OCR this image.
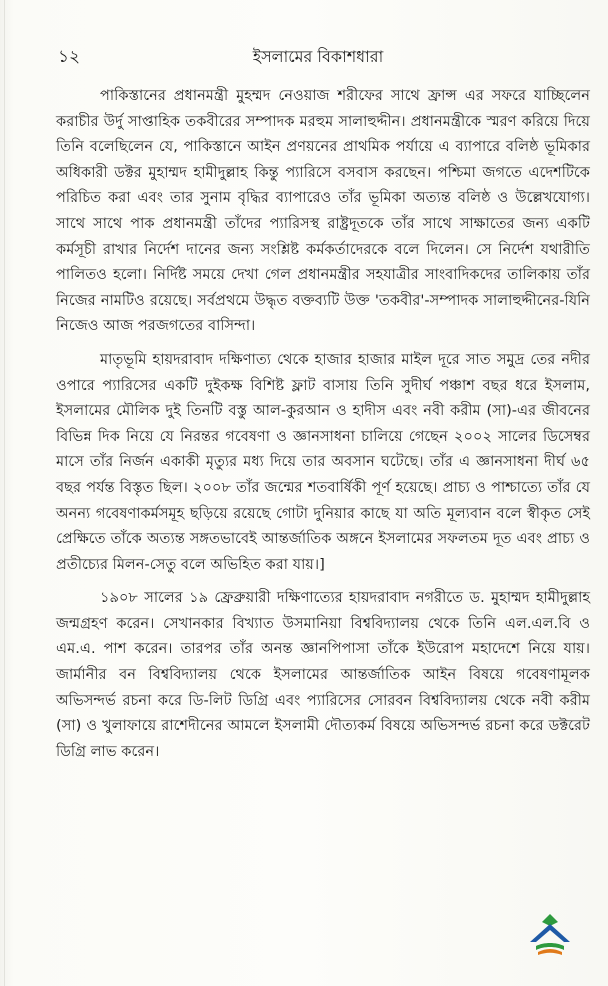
১২	ইসলামের বিকাশধারা

পাকিস্তানের প্রধানমন্ত্রী মুহম্মদ নেওয়াজ শরীফের সাথে ফ্রান্স এর সফরে যাচ্ছিলেন করাচীর উর্দু সাপ্তাহিক তকবীরের সম্পাদক মরহুম সালাহুদ্দীন। প্রধানমন্ত্রীকে স্মরণ করিয়ে দিয়ে তিনি বলেছিলেন যে, পাকিস্তানে আইন প্রণয়নের প্রাথমিক পর্যায়ে এ ব্যাপারে বলিষ্ঠ ভূমিকার অধিকারী ডক্টর মুহাম্মদ হামীদুল্লাহ কিন্তু প্যারিসে বসবাস করছেন। পশ্চিমা জগতে এদেশটিকে পরিচিত করা এবং তার সুনাম বৃদ্ধির ব্যাপারেও তাঁর ভূমিকা অত্যন্ত বলিষ্ঠ ও উল্লেখযোগ্য। সাথে সাথে পাক প্রধানমন্ত্রী তাঁদের প্যারিসস্থ রাষ্ট্রদূতকে তাঁর সাথে সাক্ষাতের জন্য একটি কর্মসূচী রাখার নির্দেশ দানের জন্য সংশ্লিষ্ট কর্মকর্তাদেরকে বলে দিলেন। সে নির্দেশ যথারীতি পালিতও হলো। নির্দিষ্ট সময়ে দেখা গেল প্রধানমন্ত্রীর সহযাত্রীর সাংবাদিকদের তালিকায় তাঁর নিজের নামটিও রয়েছে। সর্বপ্রথমে উদ্ধৃত বক্তব্যটি উক্ত 'তকবীর'-সম্পাদক সালাহুদ্দীনের-যিনি নিজেও আজ পরজগতের বাসিন্দা।

মাতৃভূমি হায়দরাবাদ দক্ষিণাত্য থেকে হাজার হাজার মাইল দূরে সাত সমুদ্র তের নদীর ওপারে প্যারিসের একটি দুইকক্ষ বিশিষ্ট ফ্লাট বাসায় তিনি সুদীর্ঘ পঞ্চাশ বছর ধরে ইসলাম, ইসলামের মৌলিক দুই তিনটি বস্তু আল-কুরআন ও হাদীস এবং নবী করীম (সা)-এর জীবনের বিভিন্ন দিক নিয়ে যে নিরন্তর গবেষণা ও জ্ঞানসাধনা চালিয়ে গেছেন ২০০২ সালের ডিসেম্বর মাসে তাঁর নির্জন একাকী মৃত্যুর মধ্য দিয়ে তার অবসান ঘটেছে। তাঁর এ জ্ঞানসাধনা দীর্ঘ ৬৫ বছর পর্যন্ত বিস্তৃত ছিল। ২০০৮ তাঁর জন্মের শতবার্ষিকী পূর্ণ হয়েছে। প্রাচ্য ও পাশ্চাত্যে তাঁর যে অনন্য গবেষণাকর্মসমূহ ছড়িয়ে রয়েছে গোটা দুনিয়ার কাছে যা অতি মূল্যবান বলে স্বীকৃত সেই প্রেক্ষিতে তাঁকে অত্যন্ত সঙ্গতভাবেই আন্তর্জাতিক অঙ্গনে ইসলামের সফলতম দূত এবং প্রাচ্য ও প্রতীচ্যের মিলন-সেতু বলে অভিহিত করা যায়।]

১৯০৮ সালের ১৯ ফ্রেব্রুয়ারী দক্ষিণাত্যের হায়দরাবাদ নগরীতে ড. মুহাম্মদ হামীদুল্লাহ জন্মগ্রহণ করেন। সেখানকার বিখ্যাত উসমানিয়া বিশ্ববিদ্যালয় থেকে তিনি এল.এল.বি ও এম.এ. পাশ করেন। তারপর তাঁর অনন্ত জ্ঞানপিপাসা তাঁকে ইউরোপ মহাদেশে নিয়ে যায়। জার্মানীর বন বিশ্ববিদ্যালয় থেকে ইসলামের আন্তর্জাতিক আইন বিষয়ে গবেষণামূলক অভিসন্দর্ভ রচনা করে ডি-লিট ডিগ্রি এবং প্যারিসের সোরবন বিশ্ববিদ্যালয় থেকে নবী করীম (সা) ও খুলাফায়ে রাশেদীনের আমলে ইসলামী দৌত্যকর্ম বিষয়ে অভিসন্দর্ভ রচনা করে ডক্টরেট ডিগ্রি লাভ করেন।
